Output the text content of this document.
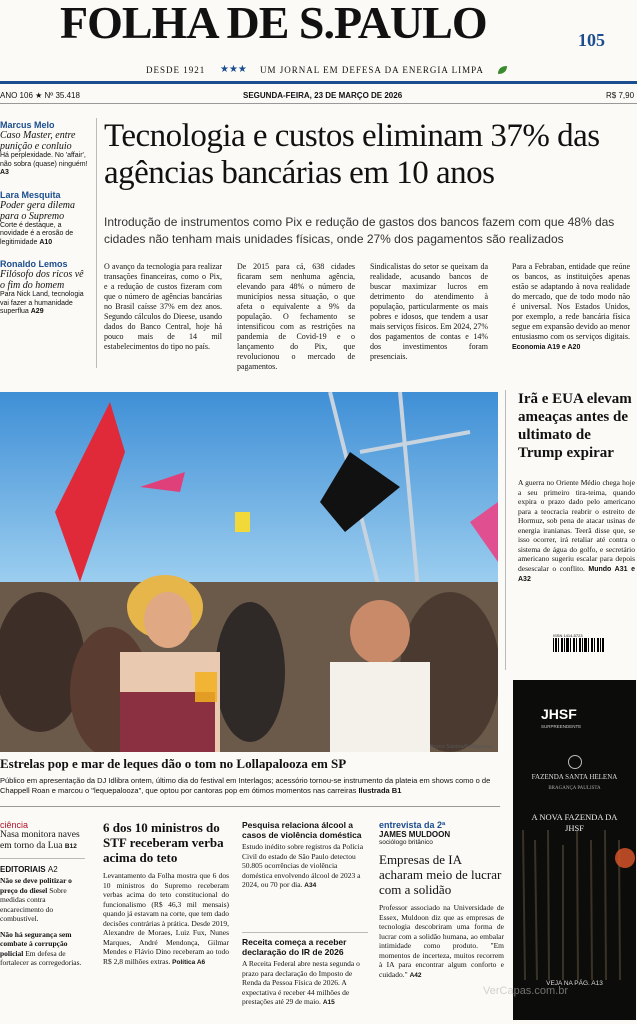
FOLHA DE S.PAULO	105
DESDE 1921 ★★★ UM JORNAL EM DEFESA DA ENERGIA LIMPA
ANO 106 ★ Nº 35.418	SEGUNDA-FEIRA, 23 DE MARÇO DE 2026	R$ 7,90
Marcus Melo
Caso Master, entre punição e conluio
Há perplexidade. No 'affair', não sobra (quase) ninguém! A3
Lara Mesquita
Poder gera dilema para o Supremo
Corte é destaque, a novidade é a erosão de legitimidade A10
Ronaldo Lemos
Filósofo dos ricos vê o fim do homem
Para Nick Land, tecnologia vai fazer a humanidade superflua A29
Tecnologia e custos eliminam 37% das agências bancárias em 10 anos
Introdução de instrumentos como Pix e redução de gastos dos bancos fazem com que 48% das cidades não tenham mais unidades físicas, onde 27% dos pagamentos são realizados
O avanço da tecnologia para realizar transações financeiras, como o Pix, e a redução de custos fizeram com que o número de agências bancárias no Brasil caísse 37% em dez anos. Segundo cálculos do Dieese, usando dados do Banco Central, hoje há pouco mais de 14 mil estabelecimentos do tipo no país.
De 2015 para cá, 638 cidades ficaram sem nenhuma agência, elevando para 48% o número de municípios nessa situação, o que afeta o equivalente a 9% da população. O fechamento se intensificou com as restrições na pandemia de Covid-19 e o lançamento do Pix, que revolucionou o mercado de pagamentos.
Sindicalistas do setor se queixam da realidade, acusando bancos de buscar maximizar lucros em detrimento do atendimento à população, particularmente os mais pobres e idosos, que tendem a usar mais serviços físicos. Em 2024, 27% dos pagamentos de contas e 14% dos investimentos foram presenciais.
Para a Febraban, entidade que reúne os bancos, as instituições apenas estão se adaptando à nova realidade do mercado, que de todo modo não é universal. Nos Estados Unidos, por exemplo, a rede bancária física segue em expansão devido ao menor entusiasmo com os serviços digitais. Economia A19 e A20
Bruno Santos/Folhapress
Irã e EUA elevam ameaças antes de ultimato de Trump expirar
A guerra no Oriente Médio chega hoje a seu primeiro tira-teima, quando expira o prazo dado pelo americano para a teocracia reabrir o estreito de Hormuz, sob pena de atacar usinas de energia iranianas. Teerã disse que, se isso ocorrer, irá retaliar até contra o sistema de água do golfo, e secretário americano sugeriu escalar para depois desescalar o conflito. Mundo A31 e A32
ISSN 1414-5723
JHSF
SURPREENDENTE
FAZENDA SANTA HELENA
BRAGANÇA PAULISTA
A NOVA FAZENDA DA JHSF
VEJA NA PÁG. A13
Estrelas pop e mar de leques dão o tom no Lollapalooza em SP
Público em apresentação da DJ Idlibra ontem, último dia do festival em Interlagos; acessório tornou-se instrumento da plateia em shows como o de Chappell Roan e marcou o "lequepalooza", que optou por cantoras pop em ótimos momentos nas carreiras Ilustrada B1
ciência
Nasa monitora naves em torno da Lua B12
EDITORIAIS A2
Não se deve politizar o preço do diesel Sobre medidas contra encarecimento do combustível.
Não há segurança sem combate à corrupção policial Em defesa de fortalecer as corregedorias.
6 dos 10 ministros do STF receberam verba acima do teto
Levantamento da Folha mostra que 6 dos 10 ministros do Supremo receberam verbas acima do teto constitucional do funcionalismo (R$ 46,3 mil mensais) quando já estavam na corte, que tem dado decisões contrárias à prática. Desde 2019, Alexandre de Moraes, Luiz Fux, Nunes Marques, André Mendonça, Gilmar Mendes e Flávio Dino receberam ao todo R$ 2,8 milhões extras. Política A6
Pesquisa relaciona álcool a casos de violência doméstica
Estudo inédito sobre registros da Polícia Civil do estado de São Paulo detectou 50.805 ocorrências de violência doméstica envolvendo álcool de 2023 a 2024, ou 70 por dia. A34
Receita começa a receber declaração do IR de 2026
A Receita Federal abre nesta segunda o prazo para declaração do Imposto de Renda da Pessoa Física de 2026. A expectativa é receber 44 milhões de prestações até 29 de maio. A15
entrevista da 2ª
JAMES MULDOON
sociólogo britânico
Empresas de IA acharam meio de lucrar com a solidão
Professor associado na Universidade de Essex, Muldoon diz que as empresas de tecnologia descobriram uma forma de lucrar com a solidão humana, ao embalar intimidade como produto. "Em momentos de incerteza, muitos recorrem à IA para encontrar algum conforto e cuidado." A42
VerCapas.com.br
